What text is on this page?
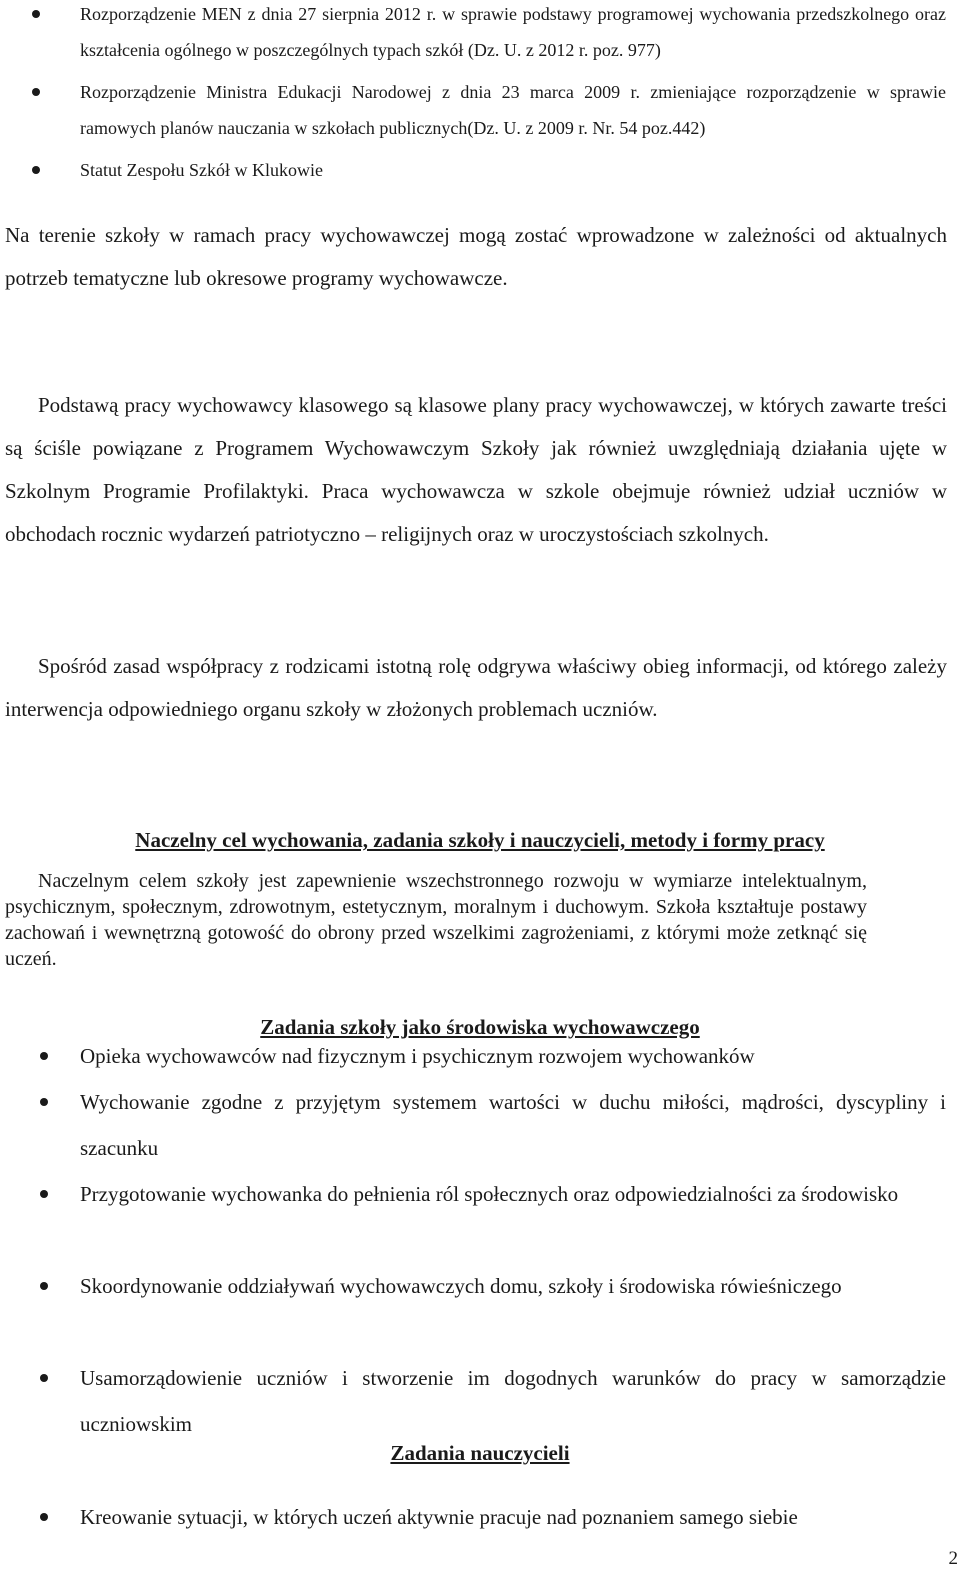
Rozporządzenie MEN z dnia 27 sierpnia 2012 r. w sprawie podstawy programowej wychowania przedszkolnego oraz kształcenia ogólnego w poszczególnych typach szkół (Dz. U. z 2012 r. poz. 977)

Rozporządzenie Ministra Edukacji Narodowej z dnia 23 marca 2009 r. zmieniające rozporządzenie w sprawie ramowych planów nauczania w szkołach publicznych(Dz. U. z 2009 r. Nr. 54 poz.442)

Statut Zespołu Szkół w Klukowie

Na terenie szkoły w ramach pracy wychowawczej mogą zostać wprowadzone w zależności od aktualnych potrzeb tematyczne lub okresowe programy wychowawcze.

Podstawą pracy wychowawcy klasowego są klasowe plany pracy wychowawczej, w których zawarte treści są ściśle powiązane z Programem Wychowawczym Szkoły jak również uwzględniają działania ujęte w Szkolnym Programie Profilaktyki. Praca wychowawcza w szkole obejmuje również udział uczniów w obchodach rocznic wydarzeń patriotyczno – religijnych oraz w uroczystościach szkolnych.

Spośród zasad współpracy z rodzicami istotną rolę odgrywa właściwy obieg informacji, od którego zależy interwencja odpowiedniego organu szkoły w złożonych problemach uczniów.

Naczelny cel wychowania, zadania szkoły i nauczycieli, metody i formy pracy

Naczelnym celem szkoły jest zapewnienie wszechstronnego rozwoju w wymiarze intelektualnym, psychicznym, społecznym, zdrowotnym, estetycznym, moralnym i duchowym. Szkoła kształtuje postawy zachowań i wewnętrzną gotowość do obrony przed wszelkimi zagrożeniami, z którymi może zetknąć się uczeń.

Zadania szkoły jako środowiska wychowawczego

Opieka wychowawców nad fizycznym i psychicznym rozwojem wychowanków

Wychowanie zgodne z przyjętym systemem wartości w duchu miłości, mądrości, dyscypliny i szacunku

Przygotowanie wychowanka do pełnienia ról społecznych oraz odpowiedzialności za środowisko

Skoordynowanie oddziaływań wychowawczych domu, szkoły i środowiska rówieśniczego

Usamorządowienie uczniów i stworzenie im dogodnych warunków do pracy w samorządzie uczniowskim

Zadania nauczycieli

Kreowanie sytuacji, w których uczeń aktywnie pracuje nad poznaniem samego siebie

2
